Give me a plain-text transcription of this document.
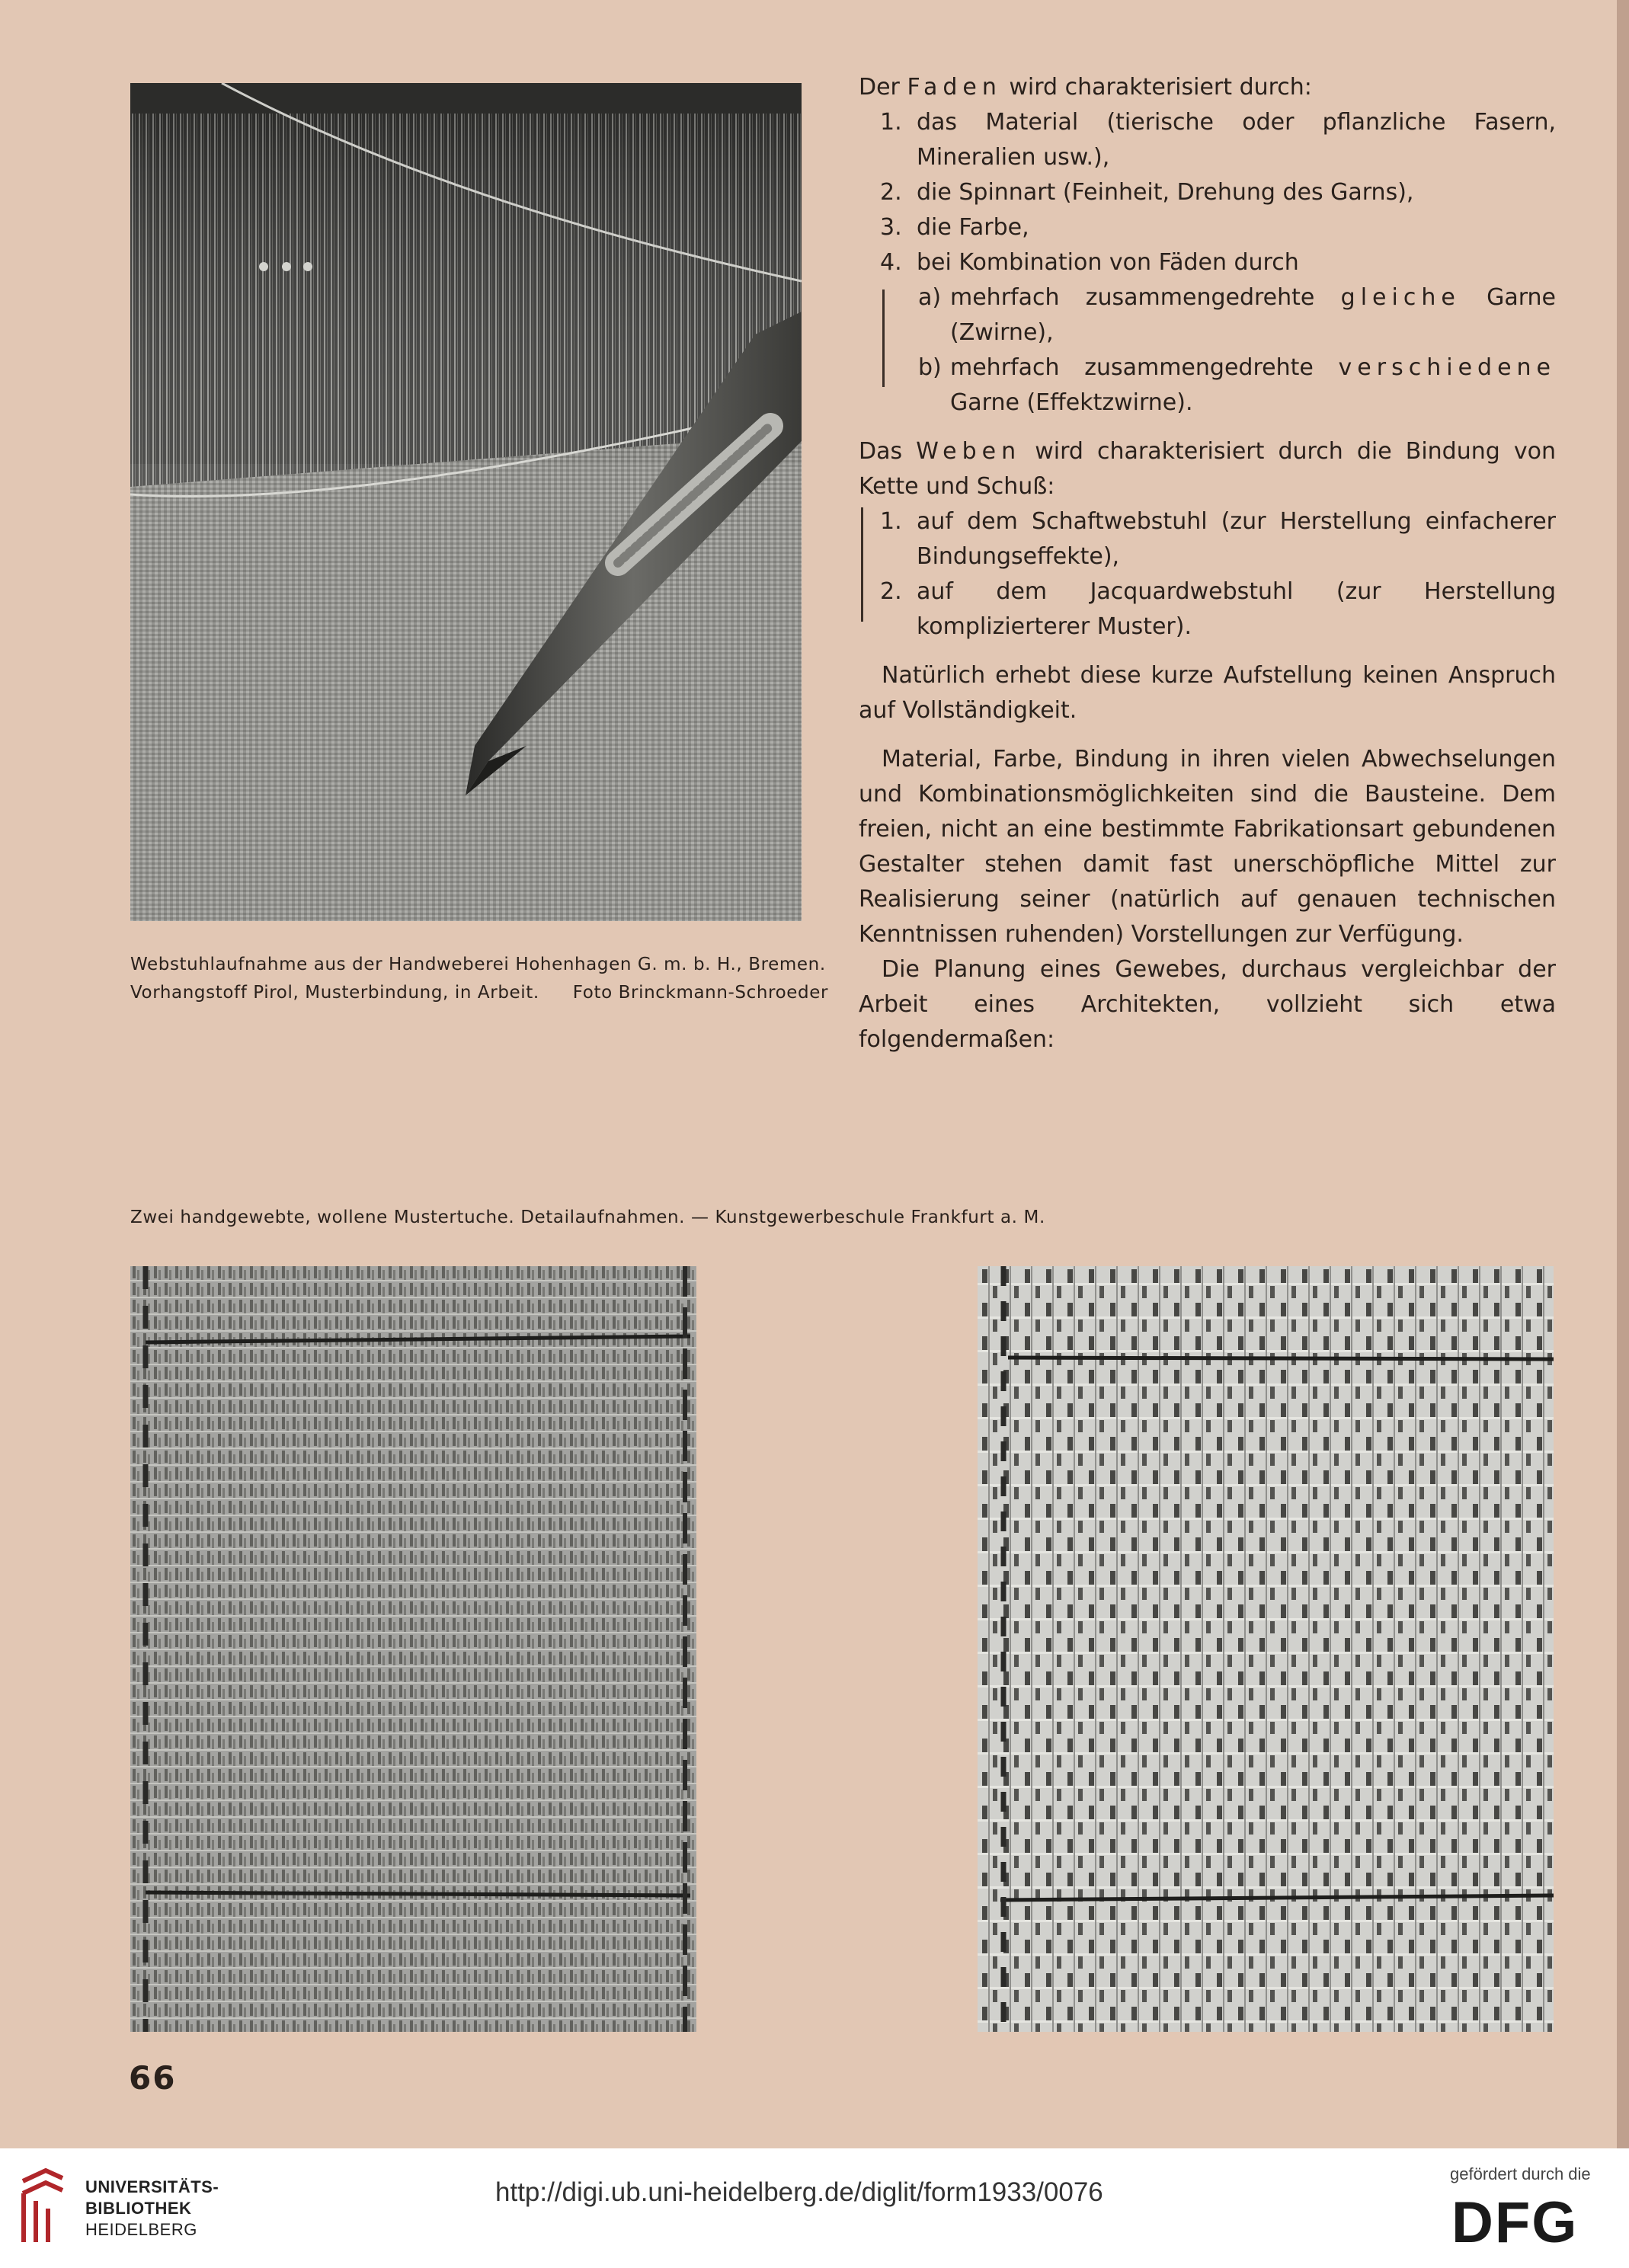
Webstuhlaufnahme aus der Handweberei Hohenhagen G. m. b. H., Bremen.
Vorhangstoff Pirol, Musterbindung, in Arbeit. Foto Brinckmann-Schroeder

Der Faden wird charakterisiert durch:

1. das Material (tierische oder pflanzliche Fasern, Mineralien usw.),

2. die Spinnart (Feinheit, Drehung des Garns),

3. die Farbe,

4. bei Kombination von Fäden durch

a) mehrfach zusammengedrehte gleiche Garne (Zwirne),

b) mehrfach zusammengedrehte verschiedene Garne (Effektzwirne).

Das Weben wird charakterisiert durch die Bindung von Kette und Schuß:

1. auf dem Schaftwebstuhl (zur Herstellung einfacherer Bindungseffekte),

2. auf dem Jacquardwebstuhl (zur Herstellung komplizierterer Muster).

Natürlich erhebt diese kurze Aufstellung keinen Anspruch auf Vollständigkeit.

Material, Farbe, Bindung in ihren vielen Abwechselungen und Kombinationsmöglichkeiten sind die Bausteine. Dem freien, nicht an eine bestimmte Fabrikationsart gebundenen Gestalter stehen damit fast unerschöpfliche Mittel zur Realisierung seiner (natürlich auf genauen technischen Kenntnissen ruhenden) Vorstellungen zur Verfügung.

Die Planung eines Gewebes, durchaus vergleichbar der Arbeit eines Architekten, vollzieht sich etwa folgendermaßen:

Zwei handgewebte, wollene Mustertuche. Detailaufnahmen. — Kunstgewerbeschule Frankfurt a. M.
66
UNIVERSITÄTS-
BIBLIOTHEK
HEIDELBERG
http://digi.ub.uni-heidelberg.de/diglit/form1933/0076
gefördert durch die
DFG
